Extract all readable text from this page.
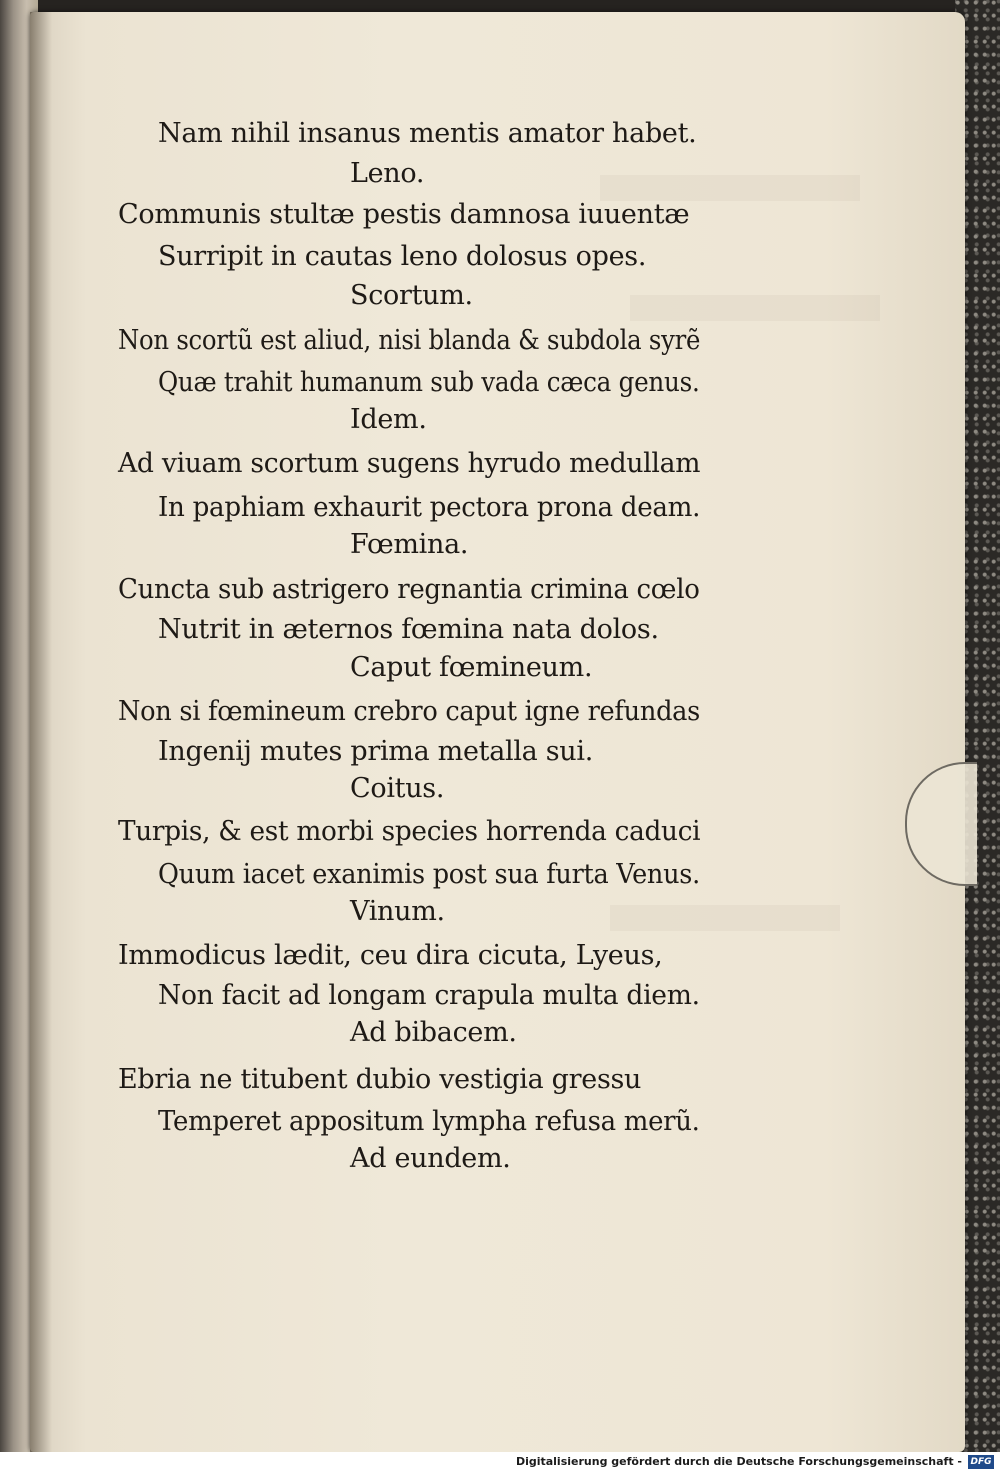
Nam nihil insanus mentis amator habet.
Leno.
Communis stultæ pestis damnosa iuuentæ
Surripit in cautas leno dolosus opes.
Scortum.
Non scortũ est aliud, nisi blanda & subdola syrẽ
Quæ trahit humanum sub vada cæca genus.
Idem.
Ad viuam scortum sugens hyrudo medullam
In paphiam exhaurit pectora prona deam.
Fœmina.
Cuncta sub astrigero regnantia crimina cœlo
Nutrit in æternos fœmina nata dolos.
Caput fœmineum.
Non si fœmineum crebro caput igne refundas
Ingenij mutes prima metalla sui.
Coitus.
Turpis, & est morbi species horrenda caduci
Quum iacet exanimis post sua furta Venus.
Vinum.
Immodicus lædit, ceu dira cicuta, Lyeus,
Non facit ad longam crapula multa diem.
Ad bibacem.
Ebria ne titubent dubio vestigia gressu
Temperet appositum lympha refusa merũ.
Ad eundem.
Digitalisierung gefördert durch die Deutsche Forschungsgemeinschaft - DFG
